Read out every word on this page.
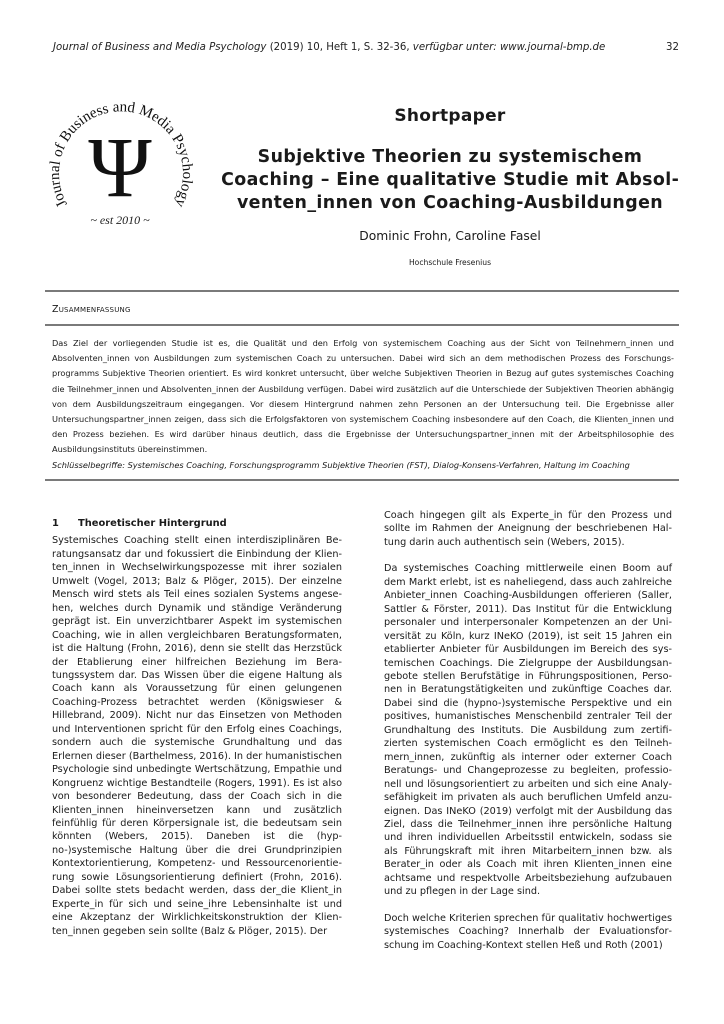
Journal of Business and Media Psychology (2019) 10, Heft 1, S. 32-36, verfügbar unter: www.journal-bmp.de	32
Journal of Business and Media Psychology
Ψ
~ est 2010 ~
Shortpaper
Subjektive Theorien zu systemischem Coaching – Eine qualitative Studie mit Absolventen_innen von Coaching-Ausbildungen
Dominic Frohn, Caroline Fasel
Hochschule Fresenius
Zusammenfassung
Das Ziel der vorliegenden Studie ist es, die Qualität und den Erfolg von systemischem Coaching aus der Sicht von Teilnehmern_innen und Absolventen_innen von Ausbildungen zum systemischen Coach zu untersuchen. Dabei wird sich an dem methodischen Prozess des Forschungsprogramms Subjektive Theorien orientiert. Es wird konkret untersucht, über welche Subjektiven Theorien in Bezug auf gutes systemisches Coaching die Teilnehmer_innen und Absolventen_innen der Ausbildung verfügen. Dabei wird zusätzlich auf die Unterschiede der Subjektiven Theorien abhängig von dem Ausbildungszeitraum eingegangen. Vor diesem Hintergrund nahmen zehn Personen an der Untersuchung teil. Die Ergebnisse aller Untersuchungspartner_innen zeigen, dass sich die Erfolgsfaktoren von systemischem Coaching insbesondere auf den Coach, die Klienten_innen und den Prozess beziehen. Es wird darüber hinaus deutlich, dass die Ergebnisse der Untersuchungspartner_innen mit der Arbeitsphilosophie des Ausbildungsinstituts übereinstimmen.
Schlüsselbegriffe: Systemisches Coaching, Forschungsprogramm Subjektive Theorien (FST), Dialog-Konsens-Verfahren, Haltung im Coaching
1 Theoretischer Hintergrund

Systemisches Coaching stellt einen interdisziplinären Beratungsansatz dar und fokussiert die Einbindung der Klienten_innen in Wechselwirkungspozesse mit ihrer sozialen Umwelt (Vogel, 2013; Balz & Plöger, 2015). Der einzelne Mensch wird stets als Teil eines sozialen Systems angesehen, welches durch Dynamik und ständige Veränderung geprägt ist. Ein unverzichtbarer Aspekt im systemischen Coaching, wie in allen vergleichbaren Beratungsformaten, ist die Haltung (Frohn, 2016), denn sie stellt das Herzstück der Etablierung einer hilfreichen Beziehung im Beratungssystem dar. Das Wissen über die eigene Haltung als Coach kann als Voraussetzung für einen gelungenen Coaching-Prozess betrachtet werden (Königswieser & Hillebrand, 2009). Nicht nur das Einsetzen von Methoden und Interventionen spricht für den Erfolg eines Coachings, sondern auch die systemische Grundhaltung und das Erlernen dieser (Barthelmess, 2016). In der humanistischen Psychologie sind unbedingte Wertschätzung, Empathie und Kongruenz wichtige Bestandteile (Rogers, 1991). Es ist also von besonderer Bedeutung, dass der Coach sich in die Klienten_innen hineinversetzen kann und zusätzlich feinfühlig für deren Körpersignale ist, die bedeutsam sein könnten (Webers, 2015). Daneben ist die (hypno-)systemische Haltung über die drei Grundprinzipien Kontextorientierung, Kompetenz- und Ressourcenorientierung sowie Lösungsorientierung definiert (Frohn, 2016). Dabei sollte stets bedacht werden, dass der_die Klient_in Experte_in für sich und seine_ihre Lebensinhalte ist und eine Akzeptanz der Wirklichkeitskonstruktion der Klienten_innen gegeben sein sollte (Balz & Plöger, 2015). Der

Coach hingegen gilt als Experte_in für den Prozess und sollte im Rahmen der Aneignung der beschriebenen Haltung darin auch authentisch sein (Webers, 2015).

Da systemisches Coaching mittlerweile einen Boom auf dem Markt erlebt, ist es naheliegend, dass auch zahlreiche Anbieter_innen Coaching-Ausbildungen offerieren (Saller, Sattler & Förster, 2011). Das Institut für die Entwicklung personaler und interpersonaler Kompetenzen an der Universität zu Köln, kurz INeKO (2019), ist seit 15 Jahren ein etablierter Anbieter für Ausbildungen im Bereich des systemischen Coachings. Die Zielgruppe der Ausbildungsangebote stellen Berufstätige in Führungspositionen, Personen in Beratungstätigkeiten und zukünftige Coaches dar. Dabei sind die (hypno-)systemische Perspektive und ein positives, humanistisches Menschenbild zentraler Teil der Grundhaltung des Instituts. Die Ausbildung zum zertifizierten systemischen Coach ermöglicht es den Teilnehmern_innen, zukünftig als interner oder externer Coach Beratungs- und Changeprozesse zu begleiten, professionell und lösungsorientiert zu arbeiten und sich eine Analysefähigkeit im privaten als auch beruflichen Umfeld anzueignen. Das INeKO (2019) verfolgt mit der Ausbildung das Ziel, dass die Teilnehmer_innen ihre persönliche Haltung und ihren individuellen Arbeitsstil entwickeln, sodass sie als Führungskraft mit ihren Mitarbeitern_innen bzw. als Berater_in oder als Coach mit ihren Klienten_innen eine achtsame und respektvolle Arbeitsbeziehung aufzubauen und zu pflegen in der Lage sind.

Doch welche Kriterien sprechen für qualitativ hochwertiges systemisches Coaching? Innerhalb der Evaluationsforschung im Coaching-Kontext stellen Heß und Roth (2001)
